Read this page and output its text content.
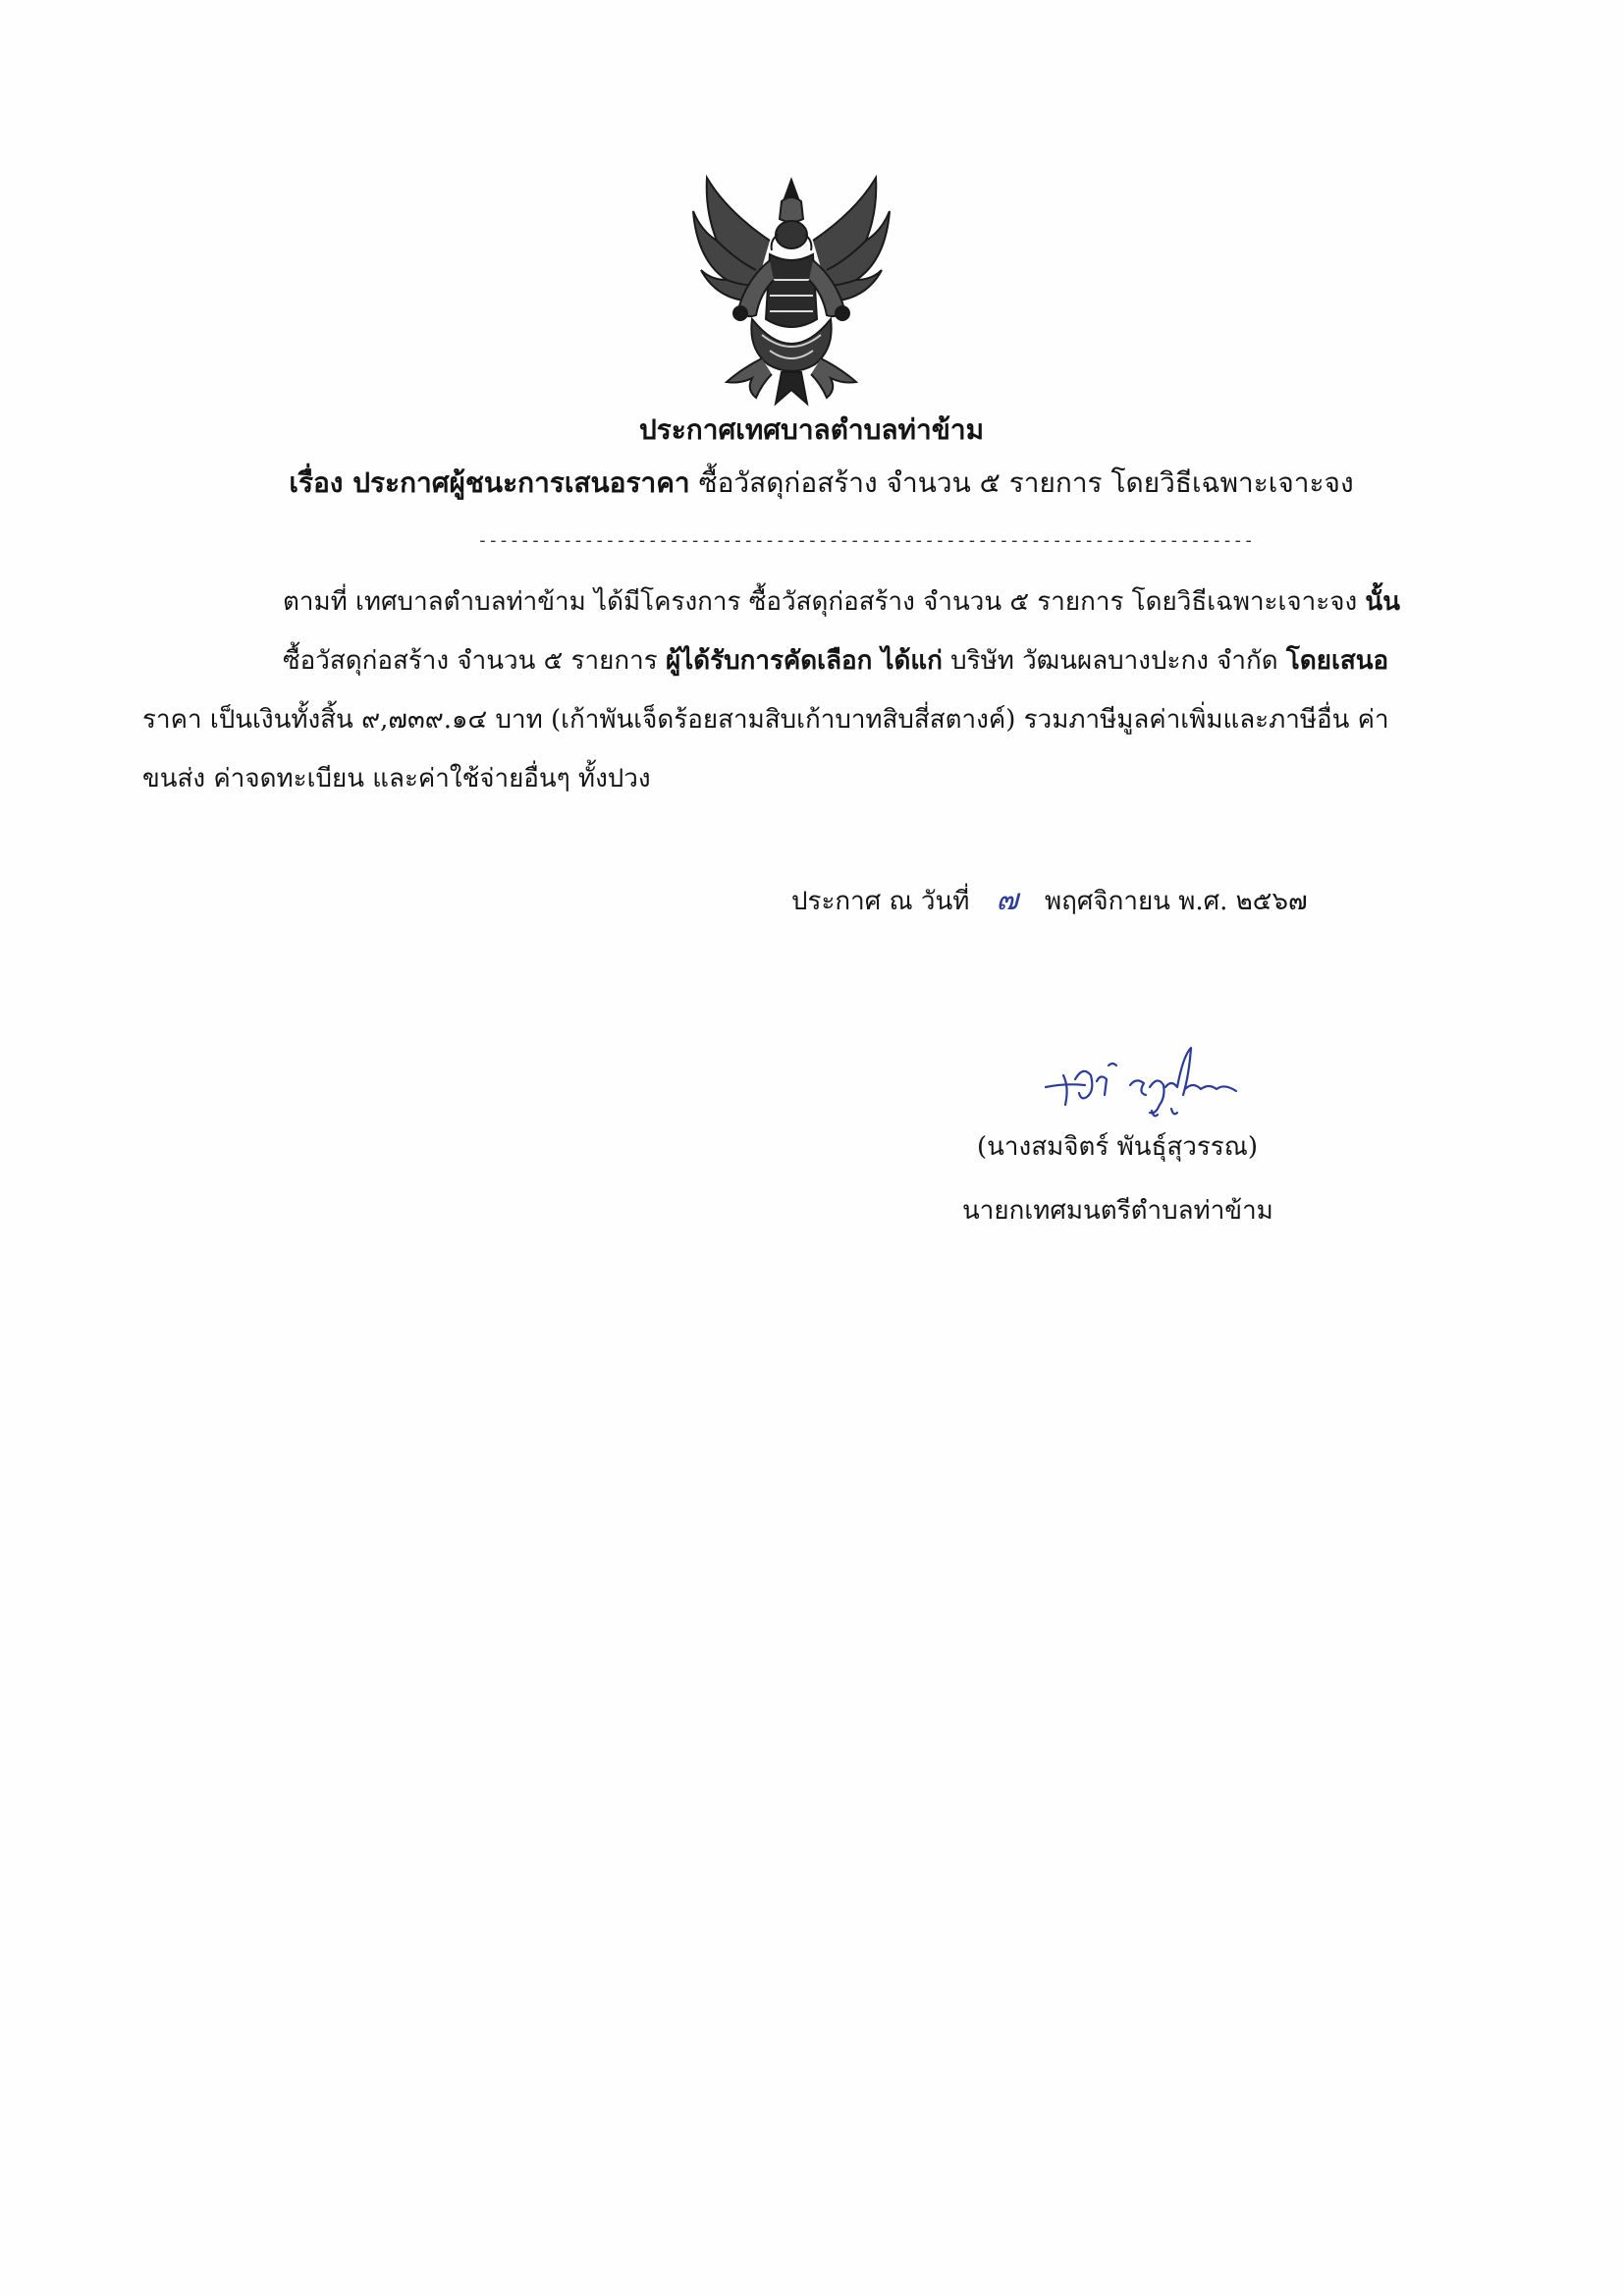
ประกาศเทศบาลตำบลท่าข้าม
เรื่อง ประกาศผู้ชนะการเสนอราคา ซื้อวัสดุก่อสร้าง จำนวน ๕ รายการ โดยวิธีเฉพาะเจาะจง
-------------------------------------------------------------------------
ตามที่ เทศบาลตำบลท่าข้าม ได้มีโครงการ ซื้อวัสดุก่อสร้าง จำนวน ๕ รายการ โดยวิธีเฉพาะเจาะจง นั้น
ซื้อวัสดุก่อสร้าง จำนวน ๕ รายการ ผู้ได้รับการคัดเลือก ได้แก่ บริษัท วัฒนผลบางปะกง จำกัด โดยเสนอ
ราคา เป็นเงินทั้งสิ้น ๙,๗๓๙.๑๔ บาท (เก้าพันเจ็ดร้อยสามสิบเก้าบาทสิบสี่สตางค์) รวมภาษีมูลค่าเพิ่มและภาษีอื่น ค่า
ขนส่ง ค่าจดทะเบียน และค่าใช้จ่ายอื่นๆ ทั้งปวง
ประกาศ ณ วันที่ ๗ พฤศจิกายน พ.ศ. ๒๕๖๗
(นางสมจิตร์ พันธุ์สุวรรณ)
นายกเทศมนตรีตำบลท่าข้าม
